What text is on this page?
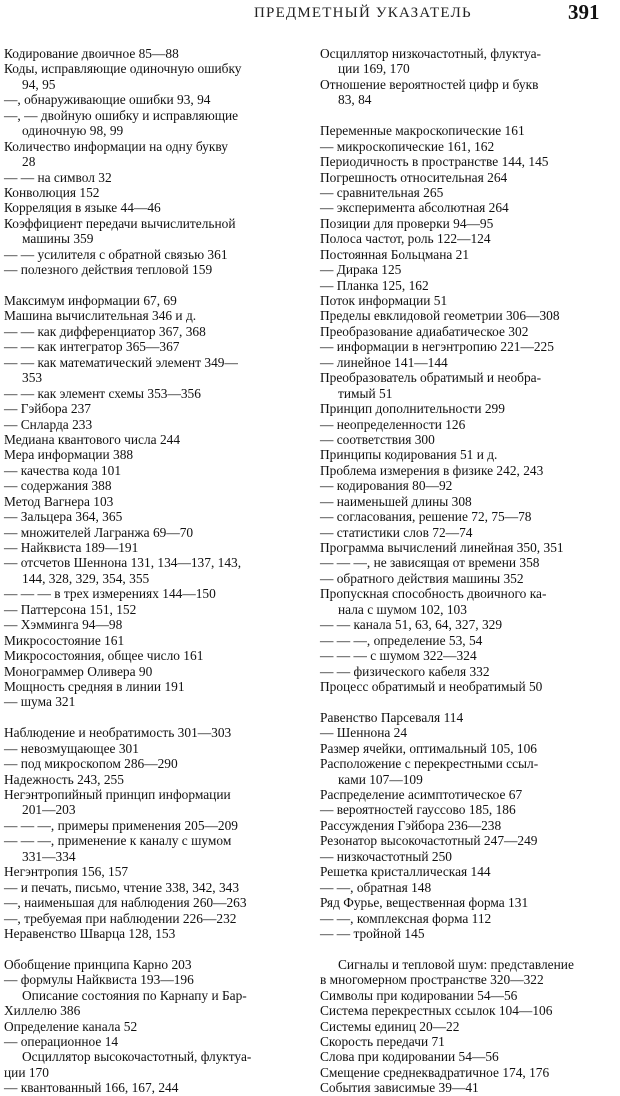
ПРЕДМЕТНЫЙ УКАЗАТЕЛЬ	391
Кодирование двоичное 85—88
Коды, исправляющие одиночную ошибку
94, 95
—, обнаруживающие ошибки 93, 94
—, — двойную ошибку и исправляющие
одиночную 98, 99
Количество информации на одну букву
28
— — на символ 32
Конволюция 152
Корреляция в языке 44—46
Коэффициент передачи вычислительной
машины 359
— — усилителя с обратной связью 361
— полезного действия тепловой 159
Максимум информации 67, 69
Машина вычислительная 346 и д.
— — как дифференциатор 367, 368
— — как интегратор 365—367
— — как математический элемент 349—
353
— — как элемент схемы 353—356
— Гэйбора 237
— Снларда 233
Медиана квантового числа 244
Мера информации 388
— качества кода 101
— содержания 388
Метод Вагнера 103
— Зальцера 364, 365
— множителей Лагранжа 69—70
— Найквиста 189—191
— отсчетов Шеннона 131, 134—137, 143,
144, 328, 329, 354, 355
— — — в трех измерениях 144—150
— Паттерсона 151, 152
— Хэмминга 94—98
Микросостояние 161
Микросостояния, общее число 161
Монограммер Оливера 90
Мощность средняя в линии 191
— шума 321
Наблюдение и необратимость 301—303
— невозмущающее 301
— под микроскопом 286—290
Надежность 243, 255
Негэнтропийный принцип информации
201—203
— — —, примеры применения 205—209
— — —, применение к каналу с шумом
331—334
Негэнтропия 156, 157
— и печать, письмо, чтение 338, 342, 343
—, наименьшая для наблюдения 260—263
—, требуемая при наблюдении 226—232
Неравенство Шварца 128, 153
Обобщение принципа Карно 203
— формулы Найквиста 193—196
Описание состояния по Карнапу и Бар-
Хиллелю 386
Определение канала 52
— операционное 14
Осциллятор высокочастотный, флуктуа-
ции 170
— квантованный 166, 167, 244
Осциллятор низкочастотный, флуктуа-
ции 169, 170
Отношение вероятностей цифр и букв
83, 84
Переменные макроскопические 161
— микроскопические 161, 162
Периодичность в пространстве 144, 145
Погрешность относительная 264
— сравнительная 265
— эксперимента абсолютная 264
Позиции для проверки 94—95
Полоса частот, роль 122—124
Постоянная Больцмана 21
— Дирака 125
— Планка 125, 162
Поток информации 51
Пределы евклидовой геометрии 306—308
Преобразование адиабатическое 302
— информации в негэнтропию 221—225
— линейное 141—144
Преобразователь обратимый и необра-
тимый 51
Принцип дополнительности 299
— неопределенности 126
— соответствия 300
Принципы кодирования 51 и д.
Проблема измерения в физике 242, 243
— кодирования 80—92
— наименьшей длины 308
— согласования, решение 72, 75—78
— статистики слов 72—74
Программа вычислений линейная 350, 351
— — —, не зависящая от времени 358
— обратного действия машины 352
Пропускная способность двоичного ка-
нала с шумом 102, 103
— — канала 51, 63, 64, 327, 329
— — —, определение 53, 54
— — — с шумом 322—324
— — физического кабеля 332
Процесс обратимый и необратимый 50
Равенство Парсеваля 114
— Шеннона 24
Размер ячейки, оптимальный 105, 106
Расположение с перекрестными ссыл-
ками 107—109
Распределение асимптотическое 67
— вероятностей гауссово 185, 186
Рассуждения Гэйбора 236—238
Резонатор высокочастотный 247—249
— низкочастотный 250
Решетка кристаллическая 144
— —, обратная 148
Ряд Фурье, вещественная форма 131
— —, комплексная форма 112
— — тройной 145
Сигналы и тепловой шум: представление
в многомерном пространстве 320—322
Символы при кодировании 54—56
Система перекрестных ссылок 104—106
Системы единиц 20—22
Скорость передачи 71
Слова при кодировании 54—56
Смещение среднеквадратичное 174, 176
События зависимые 39—41
